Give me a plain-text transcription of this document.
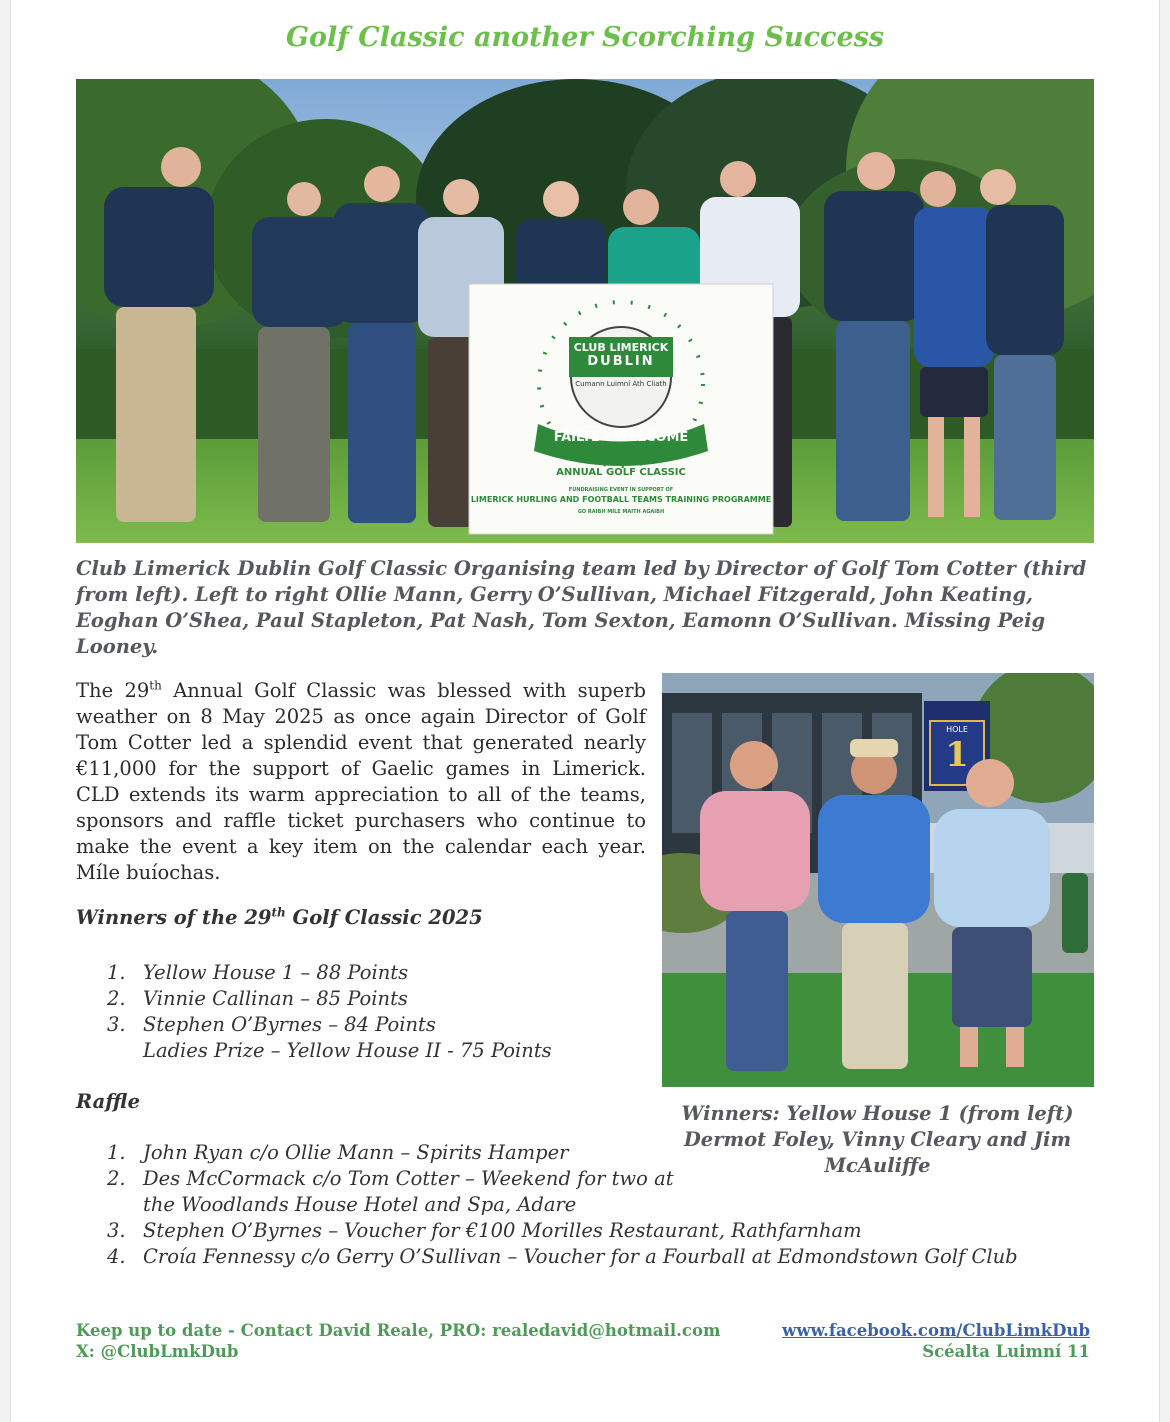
Golf Classic another Scorching Success
CLUB LIMERICK
DUBLIN
Cumann Luimní Áth Cliath
FÁILTE - WELCOME
TO OUR
ANNUAL GOLF CLASSIC
FUNDRAISING EVENT IN SUPPORT OF
LIMERICK HURLING AND FOOTBALL TEAMS TRAINING PROGRAMME
GO RAIBH MÍLE MAITH AGAIBH

Club Limerick Dublin Golf Classic Organising team led by Director of Golf Tom Cotter (third from left). Left to right Ollie Mann, Gerry O’Sullivan, Michael Fitzgerald, John Keating, Eoghan O’Shea, Paul Stapleton, Pat Nash, Tom Sexton, Eamonn O’Sullivan. Missing Peig Looney.

The 29th Annual Golf Classic was blessed with superb weather on 8 May 2025 as once again Director of Golf Tom Cotter led a splendid event that generated nearly €11,000 for the support of Gaelic games in Limerick. CLD extends its warm appreciation to all of the teams, sponsors and raffle ticket purchasers who continue to make the event a key item on the calendar each year. Míle buíochas.

Winners of the 29th Golf Classic 2025
1. Yellow House 1 – 88 Points
2. Vinnie Callinan – 85 Points
3. Stephen O’Byrnes – 84 Points
Ladies Prize – Yellow House II - 75 Points
Raffle
1. John Ryan c/o Ollie Mann – Spirits Hamper
2. Des McCormack c/o Tom Cotter – Weekend for two at the Woodlands House Hotel and Spa, Adare
3. Stephen O’Byrnes – Voucher for €100 Morilles Restaurant, Rathfarnham
4. Croía Fennessy c/o Gerry O’Sullivan – Voucher for a Fourball at Edmondstown Golf Club
HOLE
1

Winners: Yellow House 1 (from left) Dermot Foley, Vinny Cleary and Jim McAuliffe

Keep up to date - Contact David Reale, PRO: realedavid@hotmail.com	www.facebook.com/ClubLimkDub
X: @ClubLmkDub	Scéalta Luimní 11
